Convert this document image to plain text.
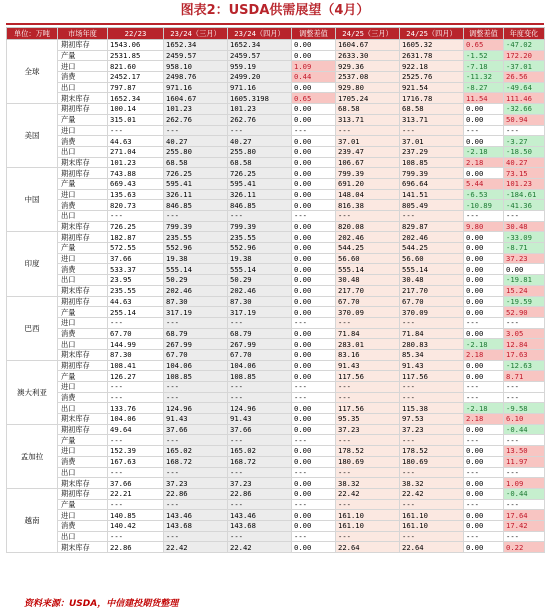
图表2：USDA供需展望（4月）
单位：万吨	市场年度	22/23	23/24（三月）	23/24（四月）	调整差值	24/25（三月）	24/25（四月）	调整差值	年度变化
全球	期初库存	1543.06	1652.34	1652.34	0.00	1604.67	1605.32	0.65	-47.02
	产量	2531.85	2459.57	2459.57	0.00	2633.30	2631.78	-1.52	172.20
	进口	821.60	958.10	959.19	1.09	929.36	922.18	-7.18	-37.01
	消费	2452.17	2498.76	2499.20	0.44	2537.08	2525.76	-11.32	26.56
	出口	797.87	971.16	971.16	0.00	929.80	921.54	-8.27	-49.64
	期末库存	1652.34	1604.67	1605.3198	0.65	1705.24	1716.78	11.54	111.46
美国	期初库存	100.14	101.23	101.23	0.00	68.58	68.58	0.00	-32.66
	产量	315.01	262.76	262.76	0.00	313.71	313.71	0.00	50.94
	进口	---	---	---	---	---	---	---	---
	消费	44.63	40.27	40.27	0.00	37.01	37.01	0.00	-3.27
	出口	271.04	255.80	255.80	0.00	239.47	237.29	-2.18	-18.50
	期末库存	101.23	68.58	68.58	0.00	106.67	108.85	2.18	40.27
中国	期初库存	743.88	726.25	726.25	0.00	799.39	799.39	0.00	73.15
	产量	669.43	595.41	595.41	0.00	691.20	696.64	5.44	101.23
	进口	135.63	326.11	326.11	0.00	148.04	141.51	-6.53	-184.61
	消费	820.73	846.85	846.85	0.00	816.38	805.49	-10.89	-41.36
	出口	---	---	---	---	---	---	---	---
	期末库存	726.25	799.39	799.39	0.00	820.08	829.87	9.80	30.48
印度	期初库存	182.87	235.55	235.55	0.00	202.46	202.46	0.00	-33.09
	产量	572.55	552.96	552.96	0.00	544.25	544.25	0.00	-8.71
	进口	37.66	19.38	19.38	0.00	56.60	56.60	0.00	37.23
	消费	533.37	555.14	555.14	0.00	555.14	555.14	0.00	0.00
	出口	23.95	50.29	50.29	0.00	30.48	30.48	0.00	-19.81
	期末库存	235.55	202.46	202.46	0.00	217.70	217.70	0.00	15.24
巴西	期初库存	44.63	87.30	87.30	0.00	67.70	67.70	0.00	-19.59
	产量	255.14	317.19	317.19	0.00	370.09	370.09	0.00	52.90
	进口	---	---	---	---	---	---	---	---
	消费	67.70	68.79	68.79	0.00	71.84	71.84	0.00	3.05
	出口	144.99	267.99	267.99	0.00	283.01	280.83	-2.18	12.84
	期末库存	87.30	67.70	67.70	0.00	83.16	85.34	2.18	17.63
澳大利亚	期初库存	108.41	104.06	104.06	0.00	91.43	91.43	0.00	-12.63
	产量	126.27	108.85	108.85	0.00	117.56	117.56	0.00	8.71
	进口	---	---	---	---	---	---	---	---
	消费	---	---	---	---	---	---	---	---
	出口	133.76	124.96	124.96	0.00	117.56	115.38	-2.18	-9.58
	期末库存	104.06	91.43	91.43	0.00	95.35	97.53	2.18	6.10
孟加拉	期初库存	49.64	37.66	37.66	0.00	37.23	37.23	0.00	-0.44
	产量	---	---	---	---	---	---	---	---
	进口	152.39	165.02	165.02	0.00	178.52	178.52	0.00	13.50
	消费	167.63	168.72	168.72	0.00	180.69	180.69	0.00	11.97
	出口	---	---	---	---	---	---	---	---
	期末库存	37.66	37.23	37.23	0.00	38.32	38.32	0.00	1.09
越南	期初库存	22.21	22.86	22.86	0.00	22.42	22.42	0.00	-0.44
	产量	---	---	---	---	---	---	---	---
	进口	140.85	143.46	143.46	0.00	161.10	161.10	0.00	17.64
	消费	140.42	143.68	143.68	0.00	161.10	161.10	0.00	17.42
	出口	---	---	---	---	---	---	---	---
	期末库存	22.86	22.42	22.42	0.00	22.64	22.64	0.00	0.22
资料来源：USDA，中信建投期货整理
